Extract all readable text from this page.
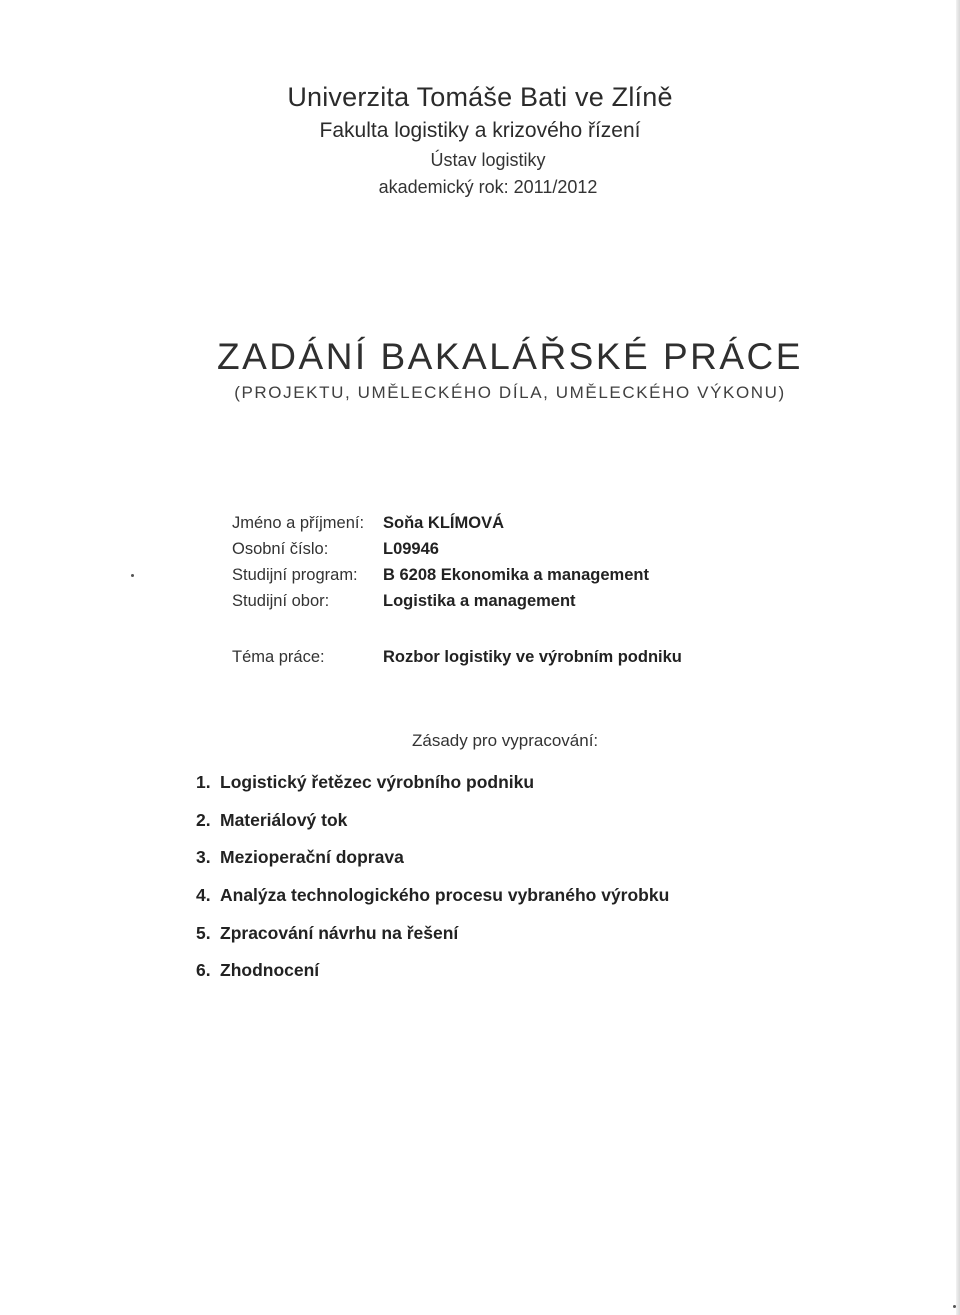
Univerzita Tomáše Bati ve Zlíně
Fakulta logistiky a krizového řízení
Ústav logistiky
akademický rok: 2011/2012
ZADÁNÍ BAKALÁŘSKÉ PRÁCE
(PROJEKTU, UMĚLECKÉHO DÍLA, UMĚLECKÉHO VÝKONU)
Jméno a příjmení: Soňa KLÍMOVÁ
Osobní číslo:	L09946
Studijní program: B 6208 Ekonomika a management
Studijní obor:	Logistika a management
Téma práce:	Rozbor logistiky ve výrobním podniku
Zásady pro vypracování:
1. Logistický řetězec výrobního podniku
2. Materiálový tok
3. Mezioperační doprava
4. Analýza technologického procesu vybraného výrobku
5. Zpracování návrhu na řešení
6. Zhodnocení
